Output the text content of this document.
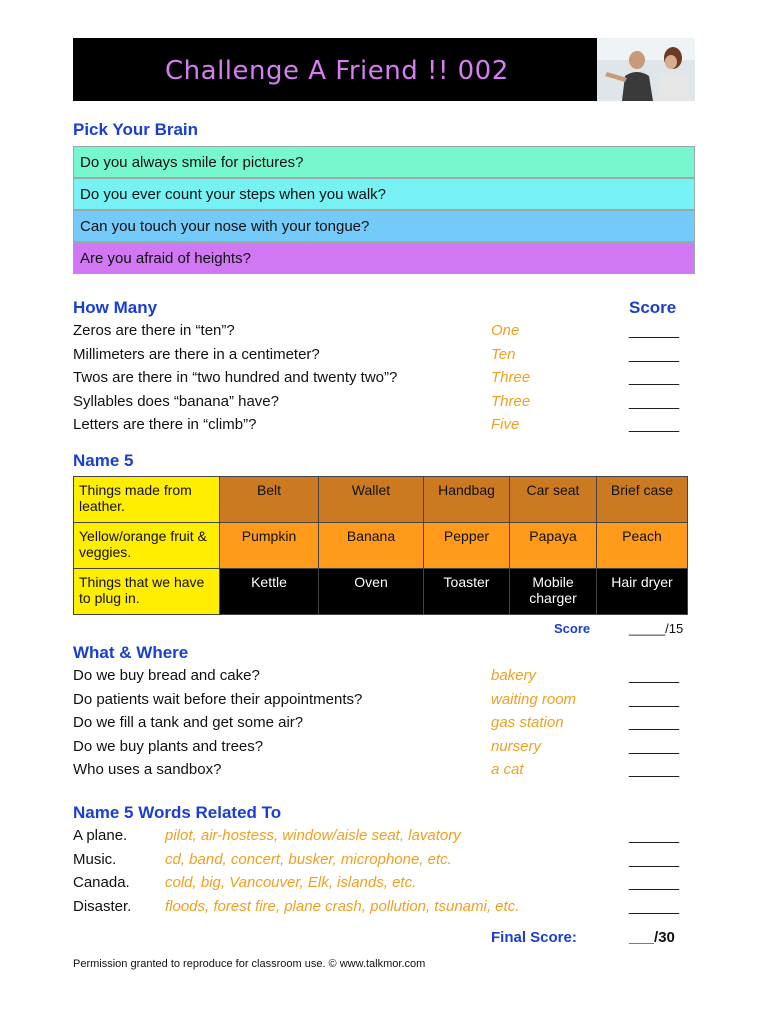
Challenge A Friend !! 002
Pick Your Brain
Do you always smile for pictures?
Do you ever count your steps when you walk?
Can you touch your nose with your tongue?
Are you afraid of heights?
How Many	Score
Zeros are there in “ten”?	One	______
Millimeters are there in a centimeter?	Ten	______
Twos are there in “two hundred and twenty two”?	Three	______
Syllables does “banana” have?	Three	______
Letters are there in “climb”?	Five	______
Name 5
Things made from leather.	Belt	Wallet	Handbag	Car seat	Brief case
Yellow/orange fruit & veggies.	Pumpkin	Banana	Pepper	Papaya	Peach
Things that we have to plug in.	Kettle	Oven	Toaster	Mobile charger	Hair dryer
Score	_____/15
What & Where
Do we buy bread and cake?	bakery	______
Do patients wait before their appointments?	waiting room	______
Do we fill a tank and get some air?	gas station	______
Do we buy plants and trees?	nursery	______
Who uses a sandbox?	a cat	______
Name 5 Words Related To
A plane.	pilot, air-hostess, window/aisle seat, lavatory	______
Music.	cd, band, concert, busker, microphone, etc.	______
Canada. cold, big, Vancouver, Elk, islands, etc.	______
Disaster. floods, forest fire, plane crash, pollution, tsunami, etc.	______
Final Score:	___/30
Permission granted to reproduce for classroom use. © www.talkmor.com
